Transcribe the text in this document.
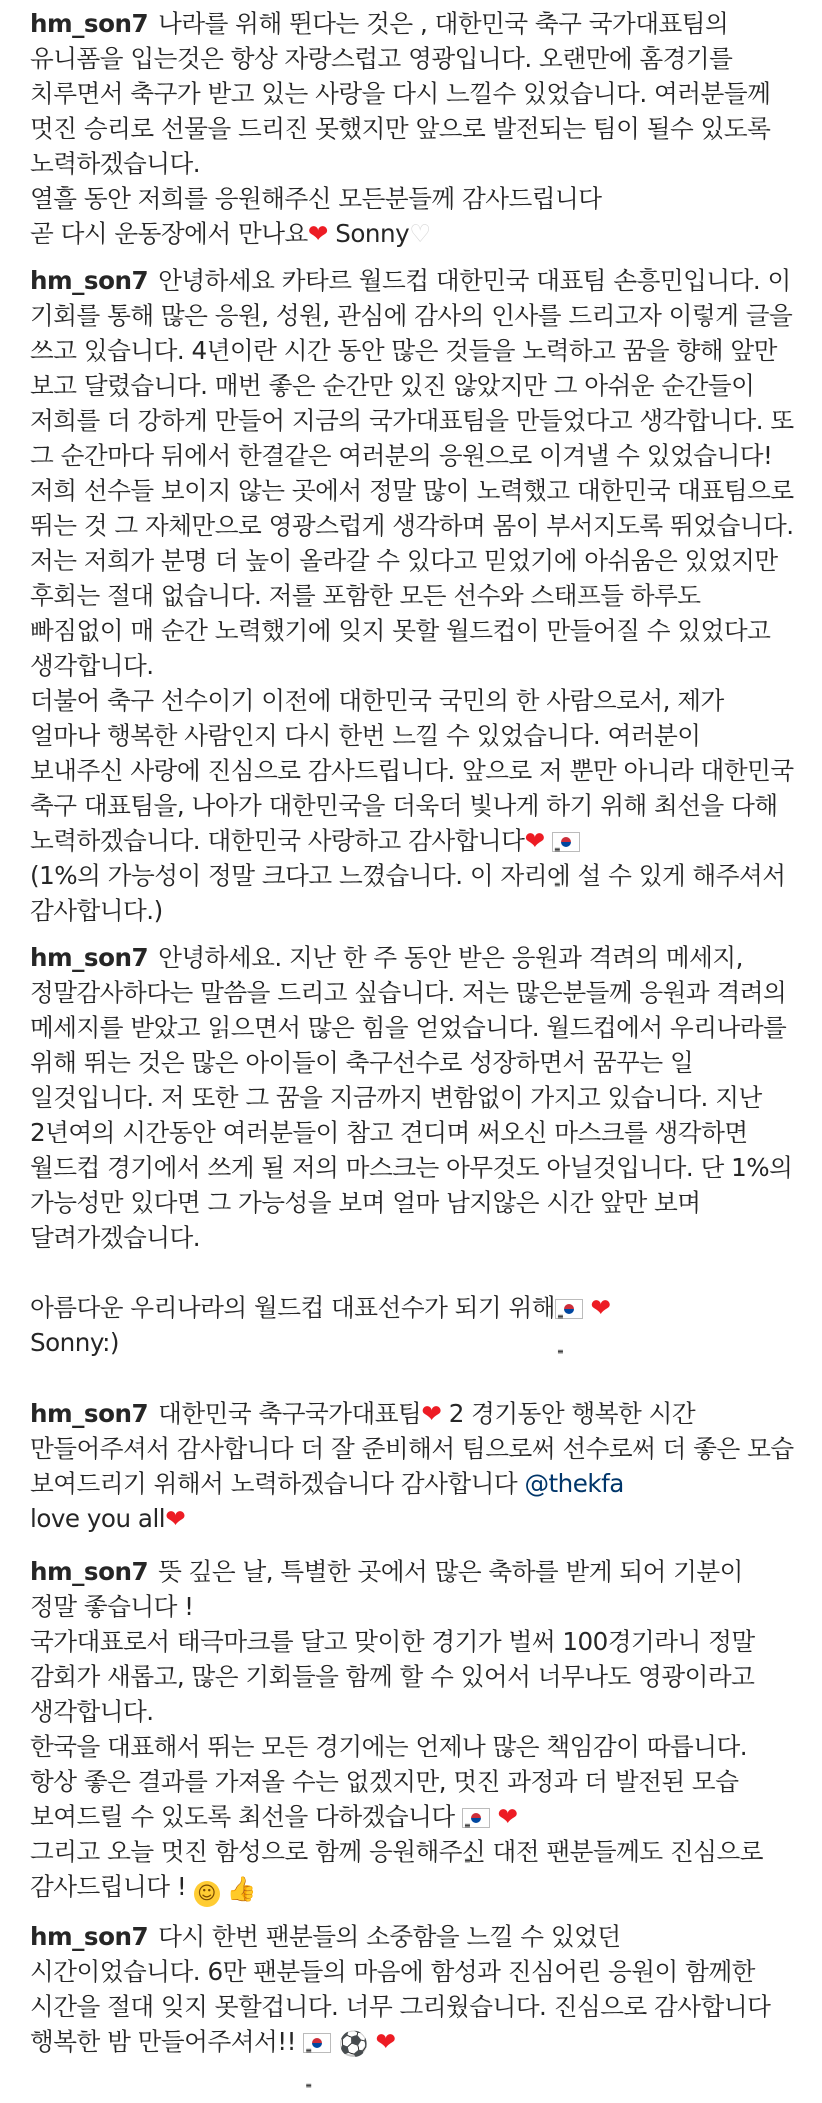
hm_son7 나라를 위해 뛴다는 것은 , 대한민국 축구 국가대표팀의 유니폼을 입는것은 항상 자랑스럽고 영광입니다. 오랜만에 홈경기를 치루면서 축구가 받고 있는 사랑을 다시 느낄수 있었습니다. 여러분들께 멋진 승리로 선물을 드리진 못했지만 앞으로 발전되는 팀이 될수 있도록 노력하겠습니다.

열흘 동안 저희를 응원해주신 모든분들께 감사드립니다

곧 다시 운동장에서 만나요❤ Sonny♡

hm_son7 안녕하세요 카타르 월드컵 대한민국 대표팀 손흥민입니다. 이 기회를 통해 많은 응원, 성원, 관심에 감사의 인사를 드리고자 이렇게 글을 쓰고 있습니다. 4년이란 시간 동안 많은 것들을 노력하고 꿈을 향해 앞만 보고 달렸습니다. 매번 좋은 순간만 있진 않았지만 그 아쉬운 순간들이 저희를 더 강하게 만들어 지금의 국가대표팀을 만들었다고 생각합니다. 또 그 순간마다 뒤에서 한결같은 여러분의 응원으로 이겨낼 수 있었습니다!

저희 선수들 보이지 않는 곳에서 정말 많이 노력했고 대한민국 대표팀으로 뛰는 것 그 자체만으로 영광스럽게 생각하며 몸이 부서지도록 뛰었습니다. 저는 저희가 분명 더 높이 올라갈 수 있다고 믿었기에 아쉬움은 있었지만 후회는 절대 없습니다. 저를 포함한 모든 선수와 스태프들 하루도 빠짐없이 매 순간 노력했기에 잊지 못할 월드컵이 만들어질 수 있었다고 생각합니다.

더불어 축구 선수이기 이전에 대한민국 국민의 한 사람으로서, 제가 얼마나 행복한 사람인지 다시 한번 느낄 수 있었습니다. 여러분이 보내주신 사랑에 진심으로 감사드립니다. 앞으로 저 뿐만 아니라 대한민국 축구 대표팀을, 나아가 대한민국을 더욱더 빛나게 하기 위해 최선을 다해 노력하겠습니다. 대한민국 사랑하고 감사합니다❤ ≡ ≡

(1%의 가능성이 정말 크다고 느꼈습니다. 이 자리에 설 수 있게 해주셔서 감사합니다.)

hm_son7 안녕하세요. 지난 한 주 동안 받은 응원과 격려의 메세지, 정말감사하다는 말씀을 드리고 싶습니다. 저는 많은분들께 응원과 격려의 메세지를 받았고 읽으면서 많은 힘을 얻었습니다. 월드컵에서 우리나라를 위해 뛰는 것은 많은 아이들이 축구선수로 성장하면서 꿈꾸는 일 일것입니다. 저 또한 그 꿈을 지금까지 변함없이 가지고 있습니다. 지난 2년여의 시간동안 여러분들이 참고 견디며 써오신 마스크를 생각하면 월드컵 경기에서 쓰게 될 저의 마스크는 아무것도 아닐것입니다. 단 1%의 가능성만 있다면 그 가능성을 보며 얼마 남지않은 시간 앞만 보며 달려가겠습니다.

아름다운 우리나라의 월드컵 대표선수가 되기 위해 ≡ ≡ ❤

Sonny:)

hm_son7 대한민국 축구국가대표팀❤ 2 경기동안 행복한 시간 만들어주셔서 감사합니다 더 잘 준비해서 팀으로써 선수로써 더 좋은 모습 보여드리기 위해서 노력하겠습니다 감사합니다 @thekfa

love you all❤

hm_son7 뜻 깊은 날, 특별한 곳에서 많은 축하를 받게 되어 기분이 정말 좋습니다 !

국가대표로서 태극마크를 달고 맞이한 경기가 벌써 100경기라니 정말 감회가 새롭고, 많은 기회들을 함께 할 수 있어서 너무나도 영광이라고 생각합니다.

한국을 대표해서 뛰는 모든 경기에는 언제나 많은 책임감이 따릅니다. 항상 좋은 결과를 가져올 수는 없겠지만, 멋진 과정과 더 발전된 모습 보여드릴 수 있도록 최선을 다하겠습니다 ≡ ≡ ❤

그리고 오늘 멋진 함성으로 함께 응원해주신 대전 팬분들께도 진심으로 감사드립니다 ! ☺ 👍

hm_son7 다시 한번 팬분들의 소중함을 느낄 수 있었던 시간이었습니다. 6만 팬분들의 마음에 함성과 진심어린 응원이 함께한 시간을 절대 잊지 못할겁니다. 너무 그리웠습니다. 진심으로 감사합니다

행복한 밤 만들어주셔서!! ≡ ≡ ⚽ ❤
